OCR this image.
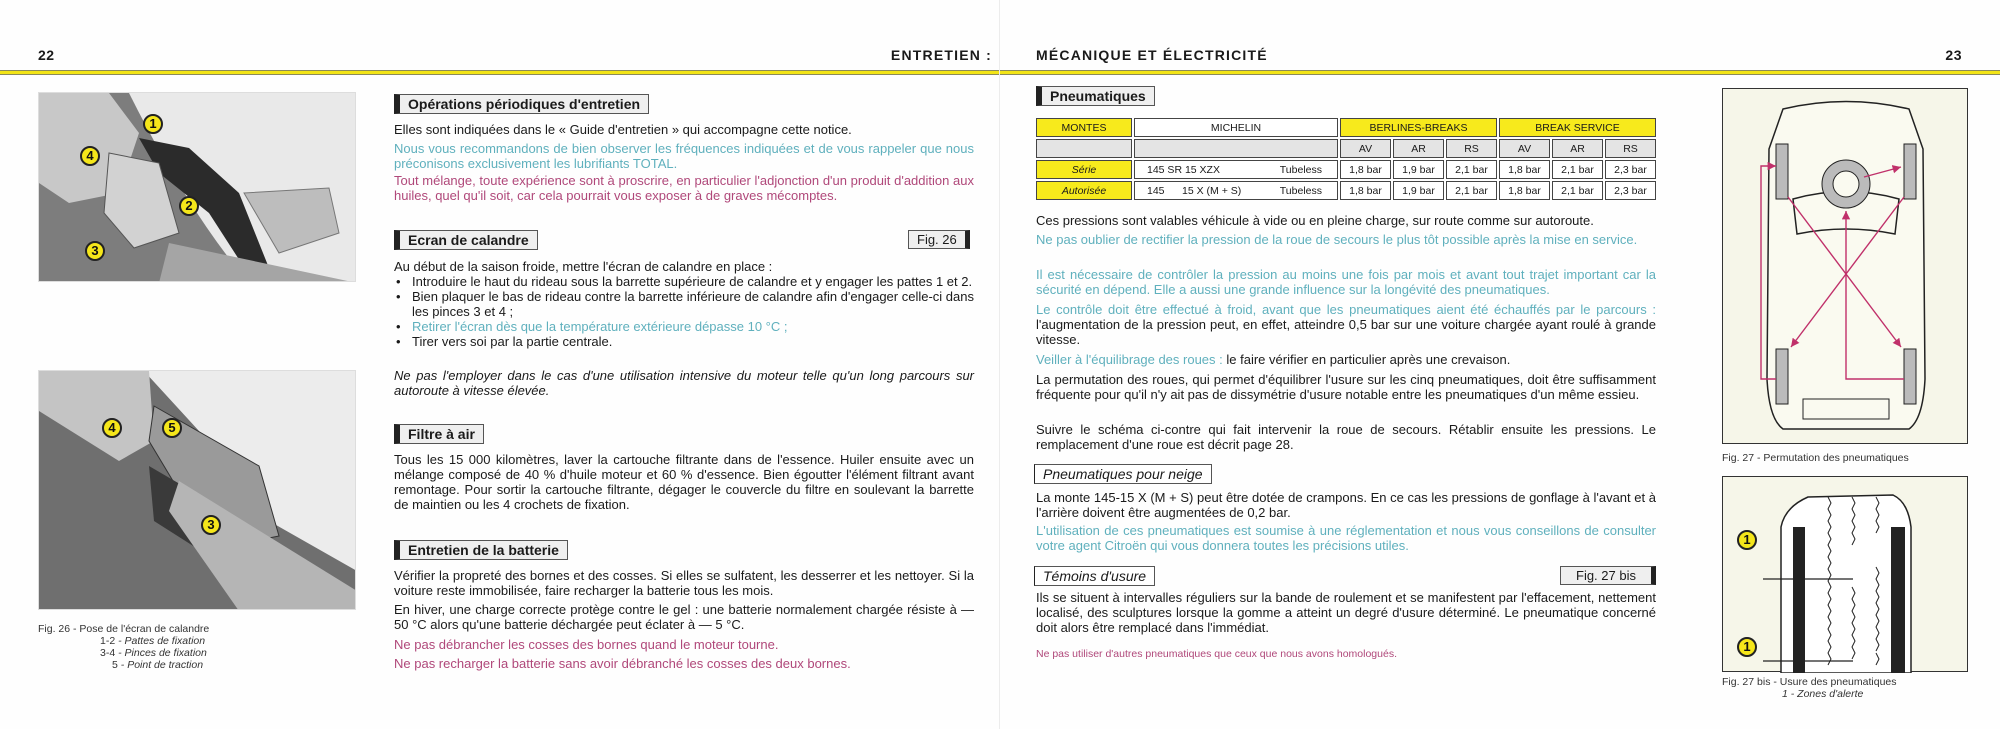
22	ENTRETIEN :
1
2
3
4
4	5
3
Fig. 26 - Pose de l'écran de calandre
1-2 - Pattes de fixation
3-4 - Pinces de fixation
5 - Point de traction
Opérations périodiques d'entretien
Elles sont indiquées dans le « Guide d'entretien » qui accompagne cette notice.
Nous vous recommandons de bien observer les fréquences indiquées et de vous rappeler que nous préconisons exclusivement les lubrifiants TOTAL.
Tout mélange, toute expérience sont à proscrire, en particulier l'adjonction d'un produit d'addition aux huiles, quel qu'il soit, car cela pourrait vous exposer à de graves mécomptes.
Ecran de calandre	Fig. 26
Au début de la saison froide, mettre l'écran de calandre en place :
• Introduire le haut du rideau sous la barrette supérieure de calandre et y engager les pattes 1 et 2.
• Bien plaquer le bas de rideau contre la barrette inférieure de calandre afin d'engager celle-ci dans les pinces 3 et 4 ;
• Retirer l'écran dès que la température extérieure dépasse 10 °C ;
• Tirer vers soi par la partie centrale.
Ne pas l'employer dans le cas d'une utilisation intensive du moteur telle qu'un long parcours sur autoroute à vitesse élevée.
Filtre à air
Tous les 15 000 kilomètres, laver la cartouche filtrante dans de l'essence. Huiler ensuite avec un mélange composé de 40 % d'huile moteur et 60 % d'essence. Bien égoutter l'élément filtrant avant remontage. Pour sortir la cartouche filtrante, dégager le couvercle du filtre en soulevant la barrette de maintien ou les 4 crochets de fixation.
Entretien de la batterie
Vérifier la propreté des bornes et des cosses. Si elles se sulfatent, les desserrer et les nettoyer. Si la voiture reste immobilisée, faire recharger la batterie tous les mois.
En hiver, une charge correcte protège contre le gel : une batterie normalement chargée résiste à — 50 °C alors qu'une batterie déchargée peut éclater à — 5 °C.
Ne pas débrancher les cosses des bornes quand le moteur tourne.
Ne pas recharger la batterie sans avoir débranché les cosses des deux bornes.
MÉCANIQUE ET ÉLECTRICITÉ	23
Pneumatiques
MONTES	MICHELIN	BERLINES-BREAKS			BREAK SERVICE		
		AV	AR	RS	AV	AR	RS
Série	145 SR 15 XZX Tubeless	1,8 bar	1,9 bar	2,1 bar	1,8 bar	2,1 bar	2,3 bar
Autorisée	145      15 X (M + S) Tubeless	1,8 bar	1,9 bar	2,1 bar	1,8 bar	2,1 bar	2,3 bar
Ces pressions sont valables véhicule à vide ou en pleine charge, sur route comme sur autoroute.
Ne pas oublier de rectifier la pression de la roue de secours le plus tôt possible après la mise en service.
Il est nécessaire de contrôler la pression au moins une fois par mois et avant tout trajet important car la sécurité en dépend. Elle a aussi une grande influence sur la longévité des pneumatiques.
Le contrôle doit être effectué à froid, avant que les pneumatiques aient été échauffés par le parcours : l'augmentation de la pression peut, en effet, atteindre 0,5 bar sur une voiture chargée ayant roulé à grande vitesse.
Veiller à l'équilibrage des roues : le faire vérifier en particulier après une crevaison.
La permutation des roues, qui permet d'équilibrer l'usure sur les cinq pneumatiques, doit être suffisamment fréquente pour qu'il n'y ait pas de dissymétrie d'usure notable entre les pneumatiques d'un même essieu.
Suivre le schéma ci-contre qui fait intervenir la roue de secours. Rétablir ensuite les pressions. Le remplacement d'une roue est décrit page 28.
Pneumatiques pour neige
La monte 145-15 X (M + S) peut être dotée de crampons. En ce cas les pressions de gonflage à l'avant et à l'arrière doivent être augmentées de 0,2 bar.
L'utilisation de ces pneumatiques est soumise à une réglementation et nous vous conseillons de consulter votre agent Citroën qui vous donnera toutes les précisions utiles.
Témoins d'usure	Fig. 27 bis
Ils se situent à intervalles réguliers sur la bande de roulement et se manifestent par l'effacement, nettement localisé, des sculptures lorsque la gomme a atteint un degré d'usure déterminé. Le pneumatique concerné doit alors être remplacé dans l'immédiat.
Ne pas utiliser d'autres pneumatiques que ceux que nous avons homologués.
Fig. 27 - Permutation des pneumatiques
1
1
Fig. 27 bis - Usure des pneumatiques
1 - Zones d'alerte
